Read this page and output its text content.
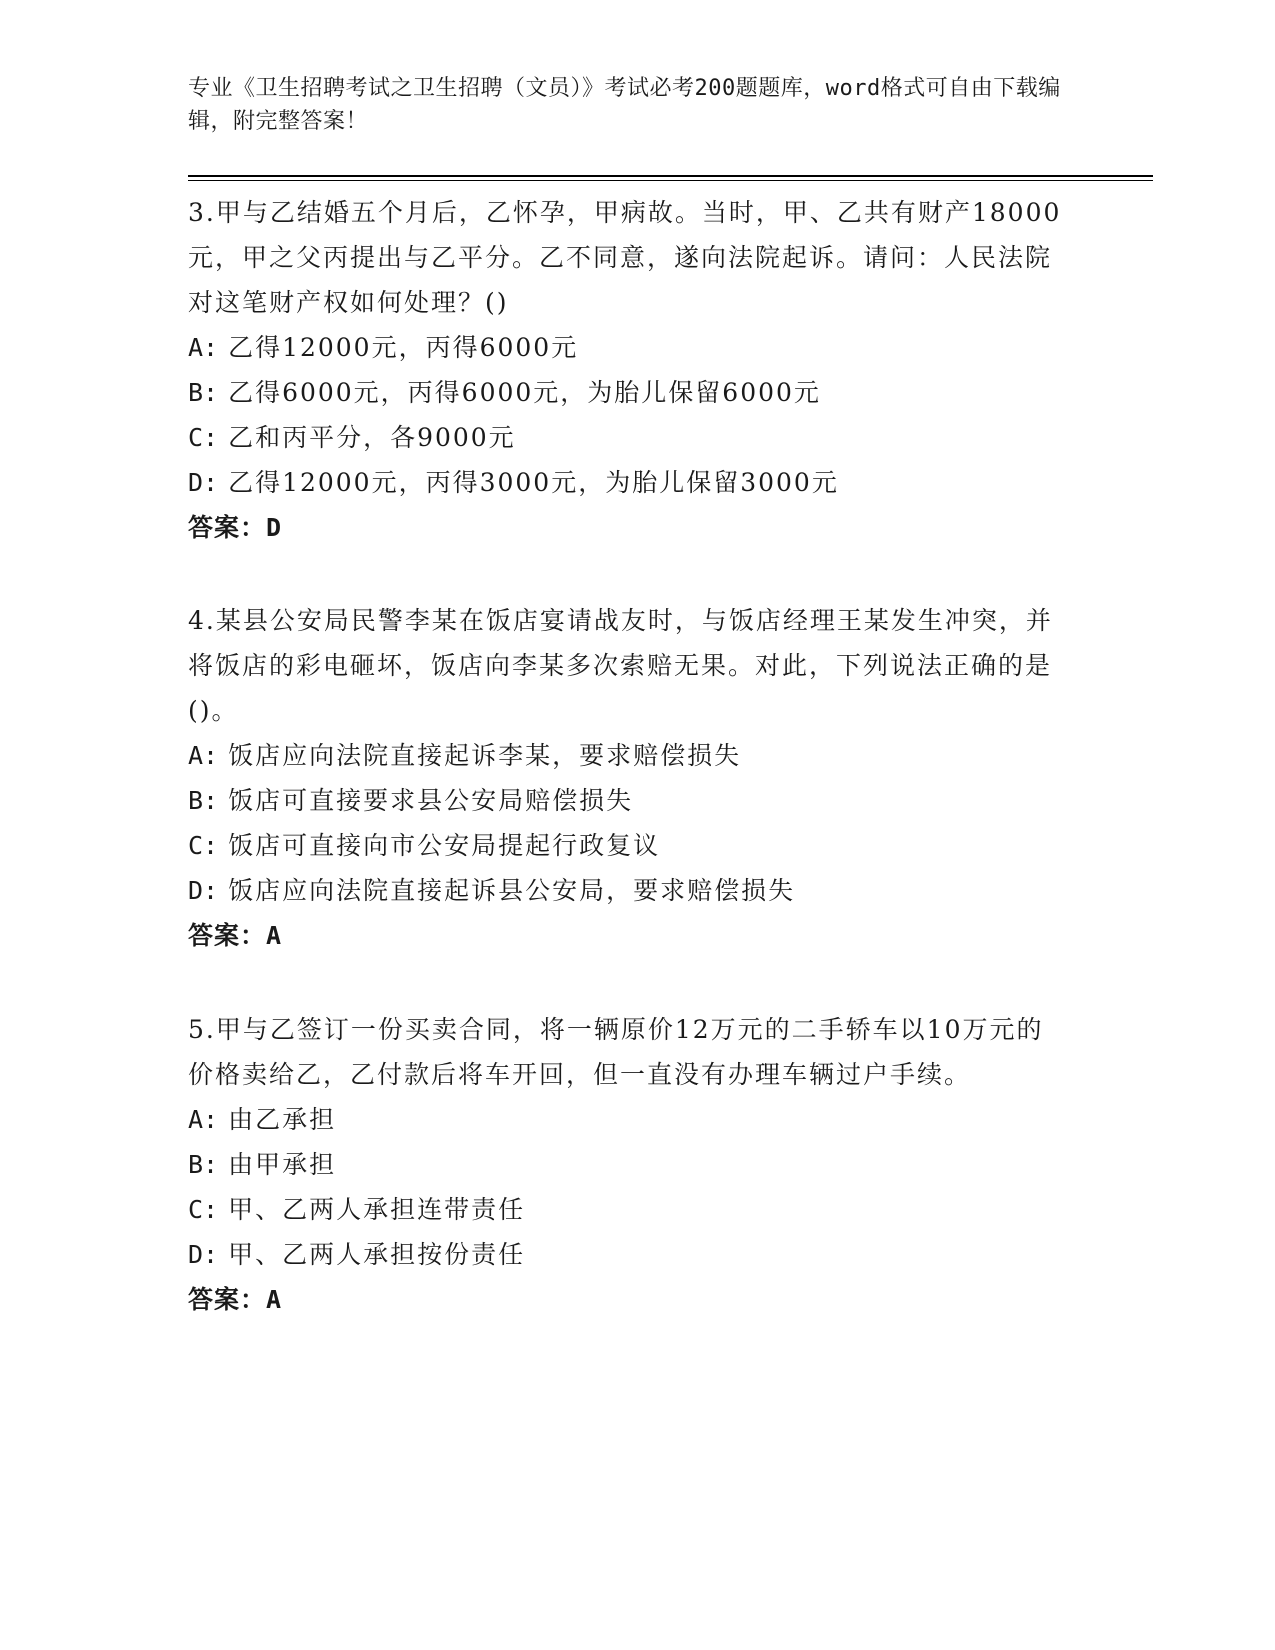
专业《卫生招聘考试之卫生招聘（文员）》考试必考200题题库，word格式可自由下载编辑，附完整答案！

3.甲与乙结婚五个月后，乙怀孕，甲病故。当时，甲、乙共有财产18000元，甲之父丙提出与乙平分。乙不同意，遂向法院起诉。请问：人民法院对这笔财产权如何处理？()

A: 乙得12000元，丙得6000元

B: 乙得6000元，丙得6000元，为胎儿保留6000元

C: 乙和丙平分，各9000元

D: 乙得12000元，丙得3000元，为胎儿保留3000元

答案：D

4.某县公安局民警李某在饭店宴请战友时，与饭店经理王某发生冲突，并将饭店的彩电砸坏，饭店向李某多次索赔无果。对此，下列说法正确的是()。

A: 饭店应向法院直接起诉李某，要求赔偿损失

B: 饭店可直接要求县公安局赔偿损失

C: 饭店可直接向市公安局提起行政复议

D: 饭店应向法院直接起诉县公安局，要求赔偿损失

答案：A

5.甲与乙签订一份买卖合同，将一辆原价12万元的二手轿车以10万元的价格卖给乙，乙付款后将车开回，但一直没有办理车辆过户手续。

A: 由乙承担

B: 由甲承担

C: 甲、乙两人承担连带责任

D: 甲、乙两人承担按份责任

答案：A
